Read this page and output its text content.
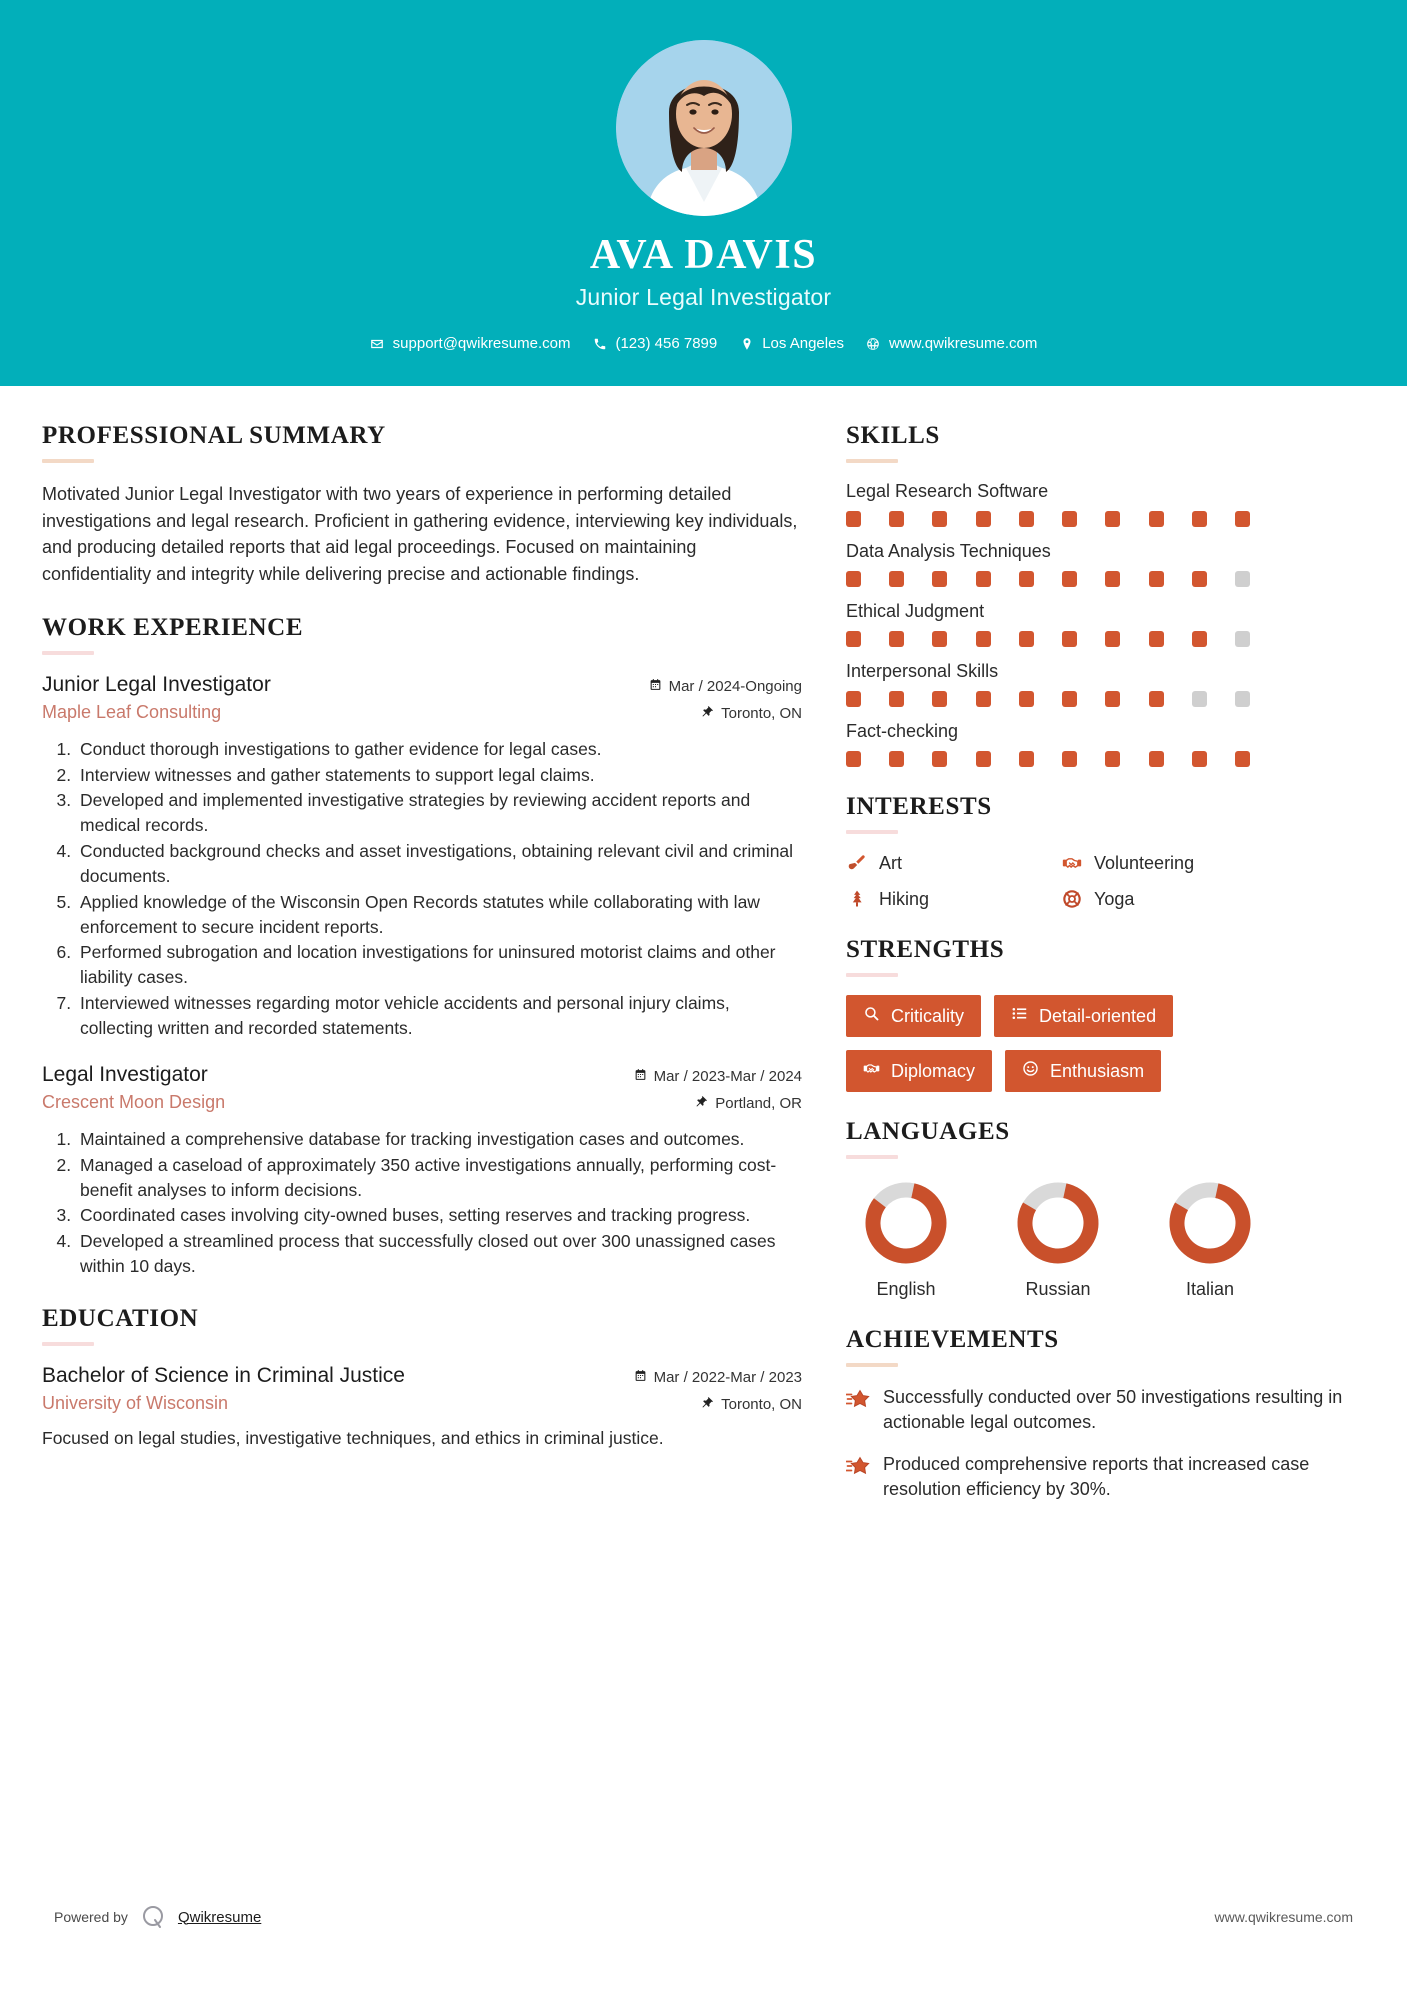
AVA DAVIS
Junior Legal Investigator
support@qwikresume.com	(123) 456 7899	Los Angeles	www.qwikresume.com
PROFESSIONAL SUMMARY
Motivated Junior Legal Investigator with two years of experience in performing detailed investigations and legal research. Proficient in gathering evidence, interviewing key individuals, and producing detailed reports that aid legal proceedings. Focused on maintaining confidentiality and integrity while delivering precise and actionable findings.
WORK EXPERIENCE
Junior Legal Investigator	Mar / 2024-Ongoing
Maple Leaf Consulting	Toronto, ON
1. Conduct thorough investigations to gather evidence for legal cases.
2. Interview witnesses and gather statements to support legal claims.
3. Developed and implemented investigative strategies by reviewing accident reports and medical records.
4. Conducted background checks and asset investigations, obtaining relevant civil and criminal documents.
5. Applied knowledge of the Wisconsin Open Records statutes while collaborating with law enforcement to secure incident reports.
6. Performed subrogation and location investigations for uninsured motorist claims and other liability cases.
7. Interviewed witnesses regarding motor vehicle accidents and personal injury claims, collecting written and recorded statements.
Legal Investigator	Mar / 2023-Mar / 2024
Crescent Moon Design	Portland, OR
1. Maintained a comprehensive database for tracking investigation cases and outcomes.
2. Managed a caseload of approximately 350 active investigations annually, performing cost-benefit analyses to inform decisions.
3. Coordinated cases involving city-owned buses, setting reserves and tracking progress.
4. Developed a streamlined process that successfully closed out over 300 unassigned cases within 10 days.
EDUCATION
Bachelor of Science in Criminal Justice	Mar / 2022-Mar / 2023
University of Wisconsin	Toronto, ON
Focused on legal studies, investigative techniques, and ethics in criminal justice.
SKILLS
Legal Research Software
Data Analysis Techniques
Ethical Judgment
Interpersonal Skills
Fact-checking
INTERESTS
Art	Volunteering
Hiking	Yoga
STRENGTHS
Criticality	Detail-oriented
Diplomacy	Enthusiasm
LANGUAGES
English	Russian	Italian
ACHIEVEMENTS
Successfully conducted over 50 investigations resulting in actionable legal outcomes.
Produced comprehensive reports that increased case resolution efficiency by 30%.
Powered by	Qwikresume	www.qwikresume.com
